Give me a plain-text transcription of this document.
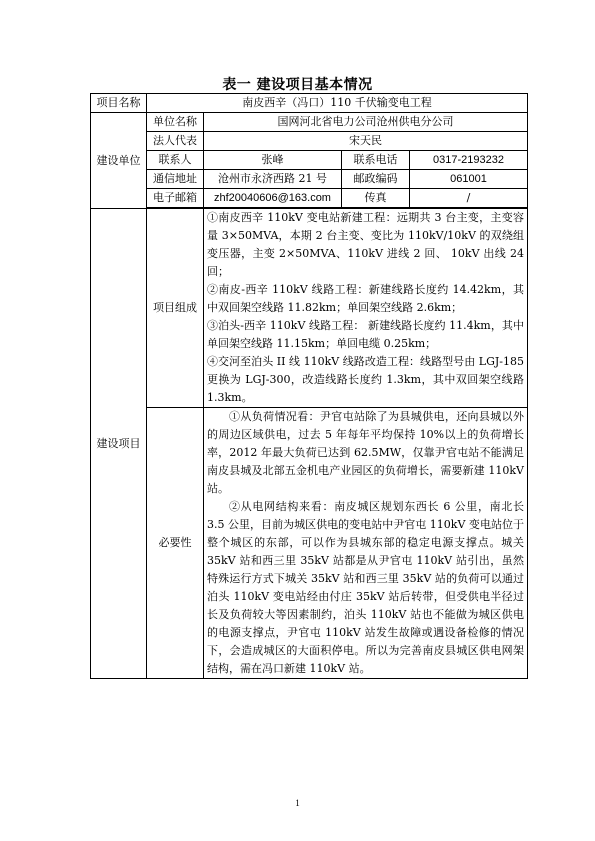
表一 建设项目基本情况
项目名称	南皮西辛（冯口）110 千伏输变电工程			
建设单位	单位名称	国网河北省电力公司沧州供电分公司		
	法人代表	宋天民		
	联系人	张峰	联系电话	0317-2193232
	通信地址	沧州市永济西路 21 号	邮政编码	061001
	电子邮箱	zhf20040606@163.com	传真	/

建设项目	项目组成	①南皮西辛 110kV 变电站新建工程：远期共 3 台主变，主变容量 3×50MVA，本期 2 台主变、变比为 110kV/10kV 的双绕组变压器，主变 2×50MVA、110kV 进线 2 回、 10kV 出线 24 回；

②南皮-西辛 110kV 线路工程：新建线路长度约 14.42km，其中双回架空线路 11.82km；单回架空线路 2.6km；

③泊头-西辛 110kV 线路工程： 新建线路长度约 11.4km，其中单回架空线路 11.15km；单回电缆 0.25km；

④交河至泊头 II 线 110kV 线路改造工程：线路型号由 LGJ-185 更换为 LGJ-300，改造线路长度约 1.3km，其中双回架空线路 1.3km。		

	必要性	①从负荷情况看：尹官屯站除了为县城供电，还向县城以外的周边区域供电，过去 5 年每年平均保持 10%以上的负荷增长率，2012 年最大负荷已达到 62.5MW，仅靠尹官屯站不能满足南皮县城及北部五金机电产业园区的负荷增长，需要新建 110kV 站。

②从电网结构来看：南皮城区规划东西长 6 公里，南北长 3.5 公里，目前为城区供电的变电站中尹官屯 110kV 变电站位于整个城区的东部，可以作为县城东部的稳定电源支撑点。城关 35kV 站和西三里 35kV 站都是从尹官屯 110kV 站引出，虽然特殊运行方式下城关 35kV 站和西三里 35kV 站的负荷可以通过泊头 110kV 变电站经由付庄 35kV 站后转带，但受供电半径过长及负荷较大等因素制约，泊头 110kV 站也不能做为城区供电的电源支撑点，尹官屯 110kV 站发生故障或遇设备检修的情况下，会造成城区的大面积停电。所以为完善南皮县城区供电网架结构，需在冯口新建 110kV 站。		

1
